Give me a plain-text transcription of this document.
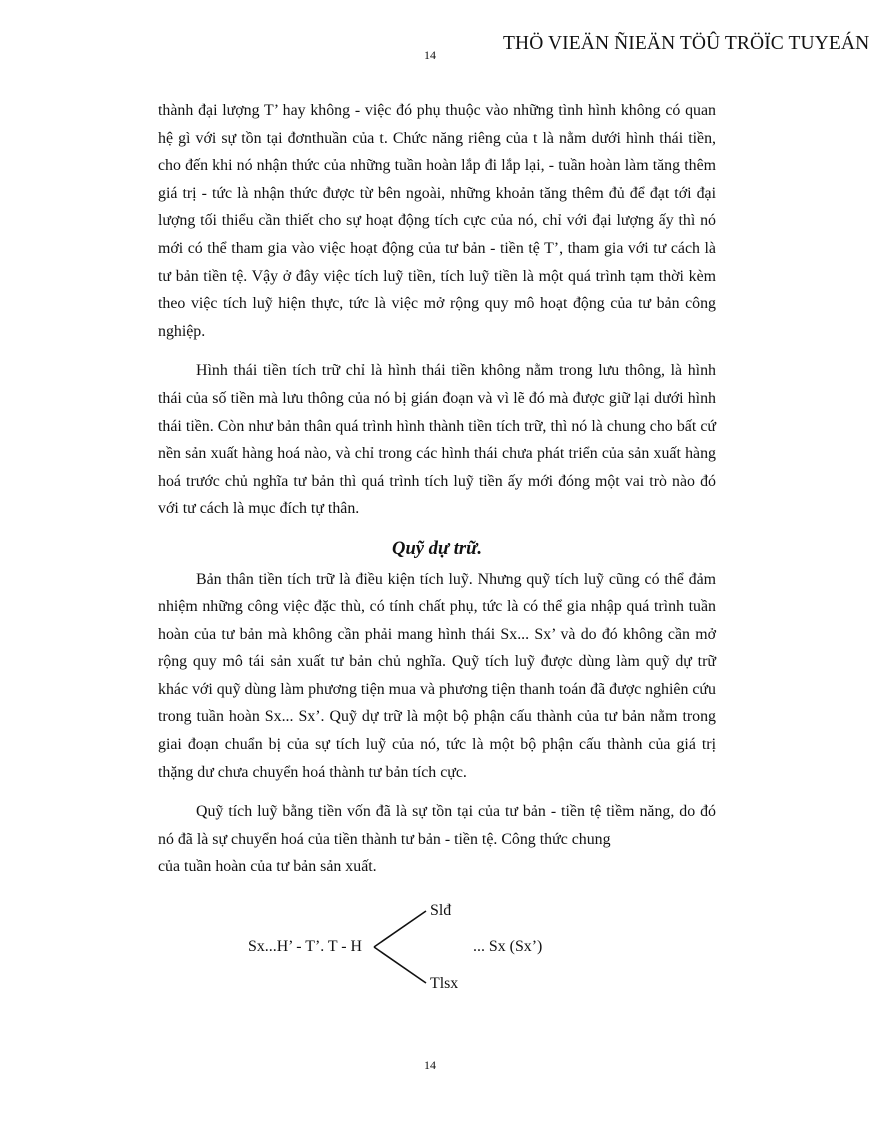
14
THÖ VIEÄN ÑIEÄN TÖÛ TRÖÏC TUYEÁN

thành đại lượng T’ hay không - việc đó phụ thuộc vào những tình hình không có quan hệ gì với sự tồn tại đơnthuần của t. Chức năng riêng của t là nằm dưới hình thái tiền, cho đến khi nó nhận thức của những tuần hoàn lắp đi lắp lại, - tuần hoàn làm tăng thêm giá trị - tức là nhận thức được từ bên ngoài, những khoản tăng thêm đủ để đạt tới đại lượng tối thiểu cần thiết cho sự hoạt động tích cực của nó, chỉ với đại lượng ấy thì nó mới có thể tham gia vào việc hoạt động của tư bản - tiền tệ T’, tham gia với tư cách là tư bản tiền tệ. Vậy ở đây việc tích luỹ tiền, tích luỹ tiền là một quá trình tạm thời kèm theo việc tích luỹ hiện thực, tức là việc mở rộng quy mô hoạt động của tư bản công nghiệp.

Hình thái tiền tích trữ chỉ là hình thái tiền không nằm trong lưu thông, là hình thái của số tiền mà lưu thông của nó bị gián đoạn và vì lẽ đó mà được giữ lại dưới hình thái tiền. Còn như bản thân quá trình hình thành tiền tích trữ, thì nó là chung cho bất cứ nền sản xuất hàng hoá nào, và chỉ trong các hình thái chưa phát triển của sản xuất hàng hoá trước chủ nghĩa tư bản thì quá trình tích luỹ tiền ấy mới đóng một vai trò nào đó với tư cách là mục đích tự thân.

Quỹ dự trữ.

Bản thân tiền tích trữ là điều kiện tích luỹ. Nhưng quỹ tích luỹ cũng có thể đảm nhiệm những công việc đặc thù, có tính chất phụ, tức là có thể gia nhập quá trình tuần hoàn của tư bản mà không cần phải mang hình thái Sx... Sx’ và do đó không cần mở rộng quy mô tái sản xuất tư bản chủ nghĩa. Quỹ tích luỹ được dùng làm quỹ dự trữ khác với quỹ dùng làm phương tiện mua và phương tiện thanh toán đã được nghiên cứu trong tuần hoàn Sx... Sx’. Quỹ dự trữ là một bộ phận cấu thành của tư bản nằm trong giai đoạn chuẩn bị của sự tích luỹ của nó, tức là một bộ phận cấu thành của giá trị thặng dư chưa chuyển hoá thành tư bản tích cực.

Quỹ tích luỹ bằng tiền vốn đã là sự tồn tại của tư bản - tiền tệ tiềm năng, do đó nó đã là sự chuyển hoá của tiền thành tư bản - tiền tệ. Công thức chung
của tuần hoàn của tư bản sản xuất.
Slđ
Sx...H’ - T’. T - H	... Sx (Sx’)
Tlsx
14
